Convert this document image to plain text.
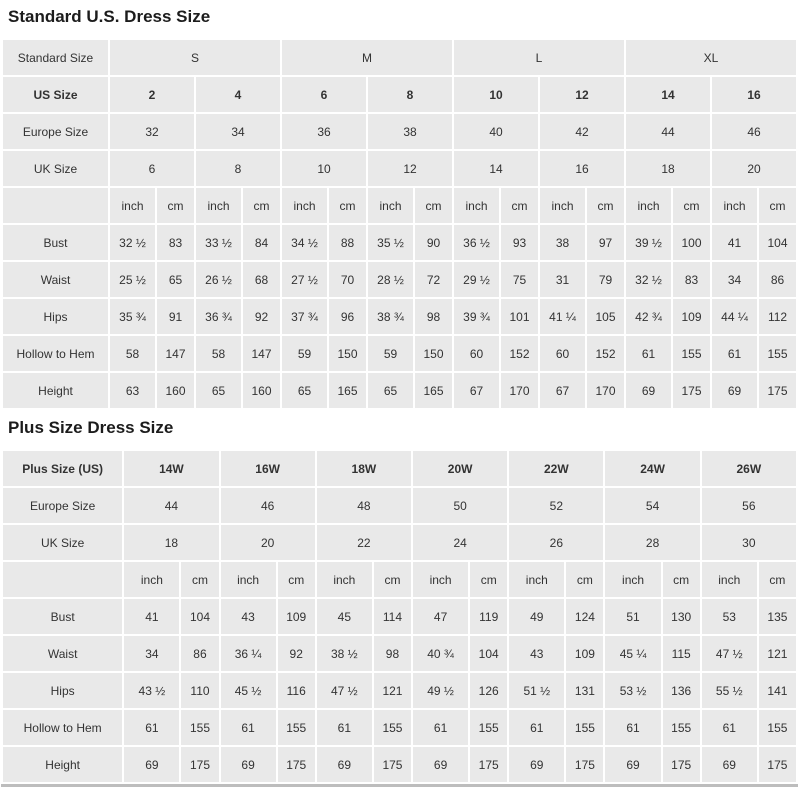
Standard U.S. Dress Size
Standard Size	S				M				L				XL			
US Size	2		4		6		8		10		12		14		16	
Europe Size	32		34		36		38		40		42		44		46	
UK Size	6		8		10		12		14		16		18		20	
	inch	cm	inch	cm	inch	cm	inch	cm	inch	cm	inch	cm	inch	cm	inch	cm
Bust	32 ½	83	33 ½	84	34 ½	88	35 ½	90	36 ½	93	38	97	39 ½	100	41	104
Waist	25 ½	65	26 ½	68	27 ½	70	28 ½	72	29 ½	75	31	79	32 ½	83	34	86
Hips	35 ¾	91	36 ¾	92	37 ¾	96	38 ¾	98	39 ¾	101	41 ¼	105	42 ¾	109	44 ¼	112
Hollow to Hem	58	147	58	147	59	150	59	150	60	152	60	152	61	155	61	155
Height	63	160	65	160	65	165	65	165	67	170	67	170	69	175	69	175
Plus Size Dress Size
Plus Size (US)	14W		16W		18W		20W		22W		24W		26W	
Europe Size	44		46		48		50		52		54		56	
UK Size	18		20		22		24		26		28		30	
	inch	cm	inch	cm	inch	cm	inch	cm	inch	cm	inch	cm	inch	cm
Bust	41	104	43	109	45	114	47	119	49	124	51	130	53	135
Waist	34	86	36 ¼	92	38 ½	98	40 ¾	104	43	109	45 ¼	115	47 ½	121
Hips	43 ½	110	45 ½	116	47 ½	121	49 ½	126	51 ½	131	53 ½	136	55 ½	141
Hollow to Hem	61	155	61	155	61	155	61	155	61	155	61	155	61	155
Height	69	175	69	175	69	175	69	175	69	175	69	175	69	175
